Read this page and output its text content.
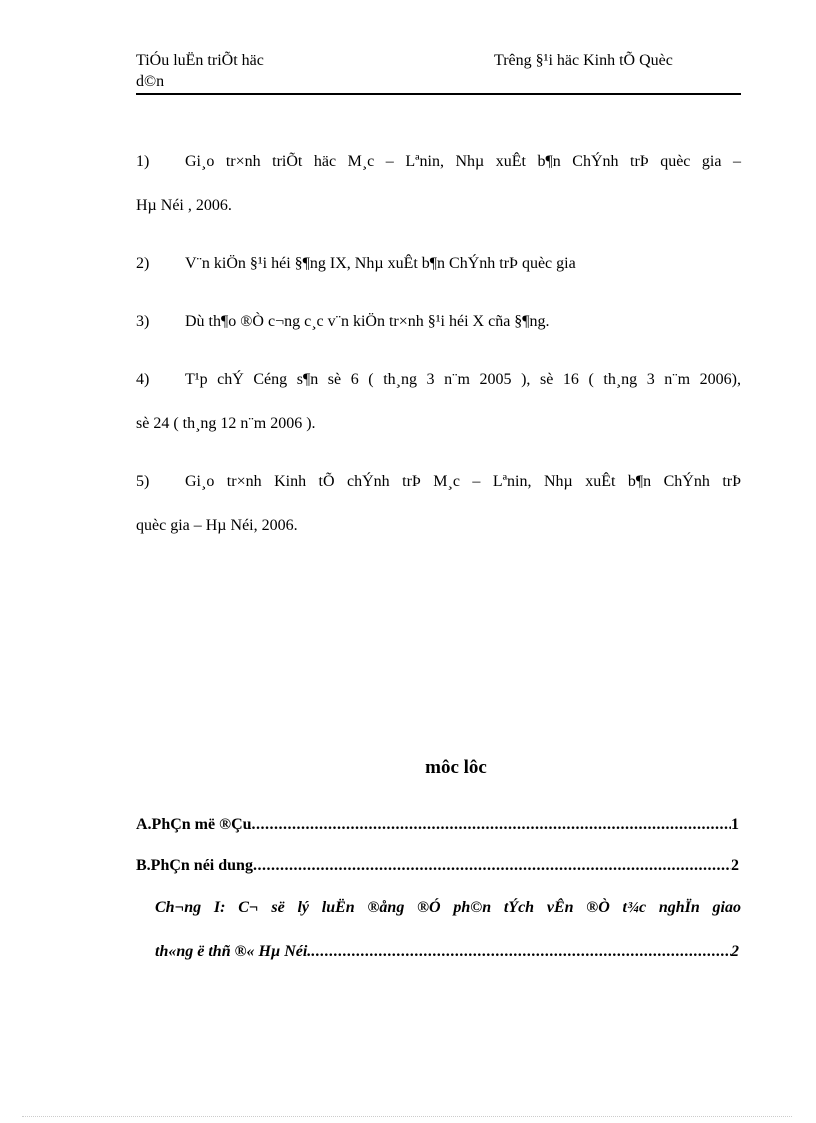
TiÓu luËn triÕt häc
d©n
Trêng §¹i häc Kinh tÕ Quèc
1) Gi¸o tr×nh triÕt häc M¸c – Lªnin, Nhµ xuÊt b¶n ChÝnh trÞ quèc gia –
Hµ Néi , 2006.
2) V¨n kiÖn §¹i héi §¶ng IX, Nhµ xuÊt b¶n ChÝnh trÞ quèc gia
3) Dù th¶o ®Ò c¬ng c¸c v¨n kiÖn tr×nh §¹i héi X cña §¶ng.
4) T¹p chÝ Céng s¶n sè 6 ( th¸ng 3 n¨m 2005 ), sè 16 ( th¸ng 3 n¨m 2006),
sè 24 ( th¸ng 12 n¨m 2006 ).
5) Gi¸o tr×nh Kinh tÕ chÝnh trÞ M¸c – Lªnin, Nhµ xuÊt b¶n ChÝnh trÞ
quèc gia – Hµ Néi, 2006.
môc lôc
A.PhÇn më ®Çu .....	1
B.PhÇn néi dung .....	2
Ch¬ng I: C¬ së lý luËn ®ång ®Ó ph©n tÝch vÊn ®Ò t¾c nghÏn giao
th«ng ë thñ ®« Hµ Néi. .....	2
